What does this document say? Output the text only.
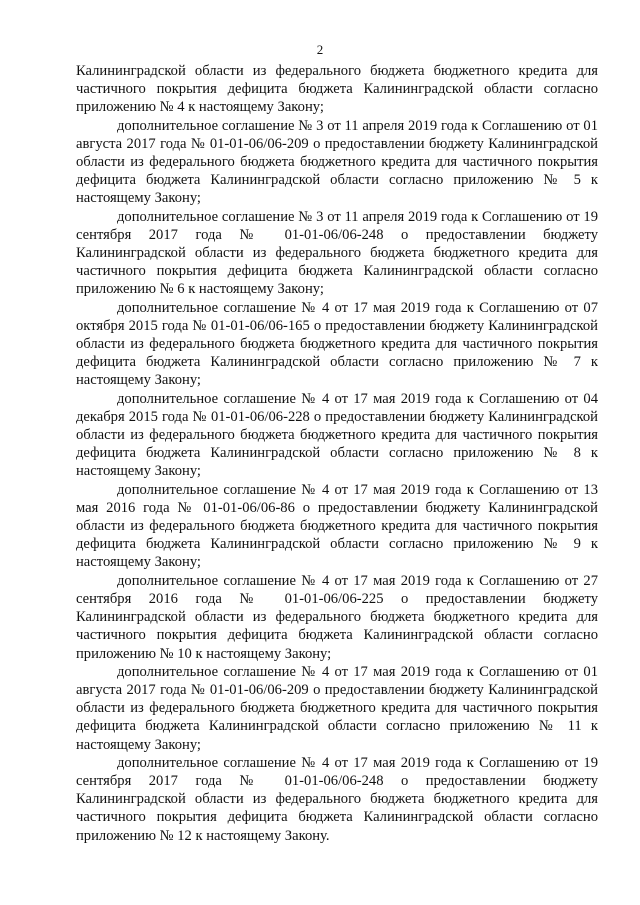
2

Калининградской области из федерального бюджета бюджетного кредита для частичного покрытия дефицита бюджета Калининградской области согласно приложению № 4 к настоящему Закону;

дополнительное соглашение № 3 от 11 апреля 2019 года к Соглашению от 01 августа 2017 года № 01-01-06/06-209 о предоставлении бюджету Калининградской области из федерального бюджета бюджетного кредита для частичного покрытия дефицита бюджета Калининградской области согласно приложению № 5 к настоящему Закону;

дополнительное соглашение № 3 от 11 апреля 2019 года к Соглашению от 19 сентября 2017 года № 01-01-06/06-248 о предоставлении бюджету Калининградской области из федерального бюджета бюджетного кредита для частичного покрытия дефицита бюджета Калининградской области согласно приложению № 6 к настоящему Закону;

дополнительное соглашение № 4 от 17 мая 2019 года к Соглашению от 07 октября 2015 года № 01-01-06/06-165 о предоставлении бюджету Калининградской области из федерального бюджета бюджетного кредита для частичного покрытия дефицита бюджета Калининградской области согласно приложению № 7 к настоящему Закону;

дополнительное соглашение № 4 от 17 мая 2019 года к Соглашению от 04 декабря 2015 года № 01-01-06/06-228 о предоставлении бюджету Калининградской области из федерального бюджета бюджетного кредита для частичного покрытия дефицита бюджета Калининградской области согласно приложению № 8 к настоящему Закону;

дополнительное соглашение № 4 от 17 мая 2019 года к Соглашению от 13 мая 2016 года № 01-01-06/06-86 о предоставлении бюджету Калининградской области из федерального бюджета бюджетного кредита для частичного покрытия дефицита бюджета Калининградской области согласно приложению № 9 к настоящему Закону;

дополнительное соглашение № 4 от 17 мая 2019 года к Соглашению от 27 сентября 2016 года № 01-01-06/06-225 о предоставлении бюджету Калининградской области из федерального бюджета бюджетного кредита для частичного покрытия дефицита бюджета Калининградской области согласно приложению № 10 к настоящему Закону;

дополнительное соглашение № 4 от 17 мая 2019 года к Соглашению от 01 августа 2017 года № 01-01-06/06-209 о предоставлении бюджету Калининградской области из федерального бюджета бюджетного кредита для частичного покрытия дефицита бюджета Калининградской области согласно приложению № 11 к настоящему Закону;

дополнительное соглашение № 4 от 17 мая 2019 года к Соглашению от 19 сентября 2017 года № 01-01-06/06-248 о предоставлении бюджету Калининградской области из федерального бюджета бюджетного кредита для частичного покрытия дефицита бюджета Калининградской области согласно приложению № 12 к настоящему Закону.
